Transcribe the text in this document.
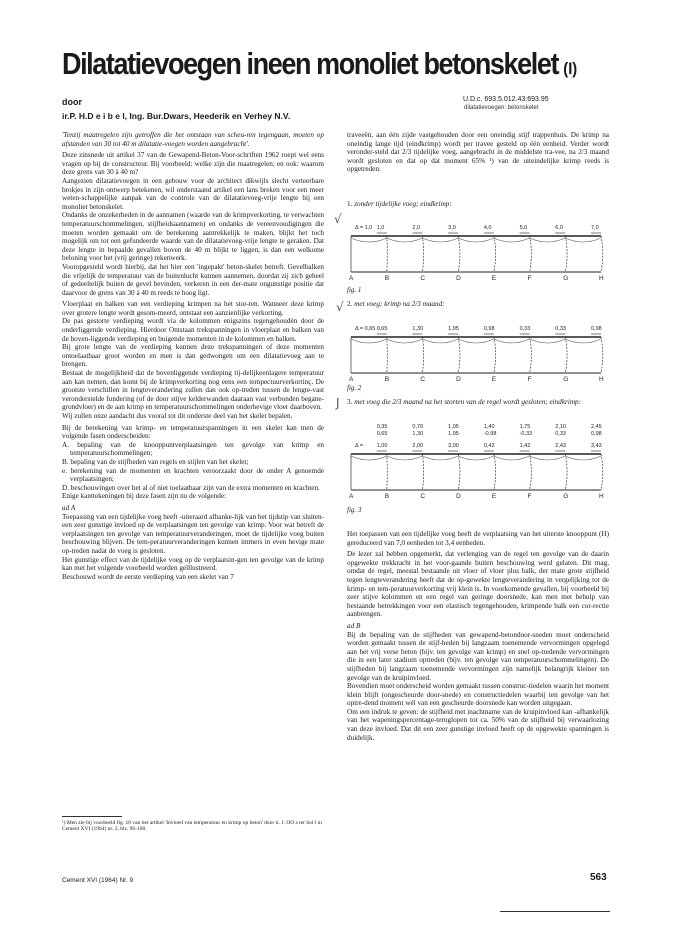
Dilatatievoegen ineen monoliet betonskelet (I)
door
ir.P. H.D e i b e l, Ing. Bur.Dwars, Heederik en Verhey N.V.
U.D.c. 693.5.012.43:693.95
dilatatievoegen: betonskelet

'Tenzij maatregelen zijn getroffen die het ontstaan van scheu-ren tegengaan, moeten op afstanden van 30 tot 40 m dilatatie-voegen worden aangebracht'.

Deze zinsnede uit artikel 37 van de Gewapend-Beton-Voor-schriften 1962 roept wel eens vragen op bij de constructeur. Bij voorbeeld: welke zijn die maatregelen; en ook: waarom deze grens van 30 à 40 m?

Aangezien dilatatievoegen in een gebouw voor de architect dikwijls slecht verteerbare brokjes in zijn ontwerp betekenen, wil onderstaand artikel een lans breken voor een meer weten-schappelijke aanpak van de controle van de dilatatievoeg-vrije lengte bij een monoliet betonskelet.

Ondanks de onzekerheden in de aannamen (waarde van de krimpverkorting, te verwachten temperatuurschommelingen, stijfheidsaannamen) en ondanks de vereenvoudigingen die moeten worden gemaakt om de berekening aantrekkelijk te maken, blijkt het toch mogelijk om tot een gefundeerde waarde van de dilatatievoeg-vrije lengte te geraken. Dat deze lengte in bepaalde gevallen boven de 40 m blijkt te liggen, is dan een welkome beloning voor het (vrij geringe) rekenwerk.

Vooropgesteld wordt hierbij, dat het hier een 'ingepakt' beton-skelet betreft. Gevelbalken die vrijelijk de temperatuur van de buitenlucht kunnen aannemen, doordat zij zich geheel of gedeeltelijk buiten de gevel bevinden, verkeren in een der-mate ongunstige positie dat daarvoor de grens van 30 à 40 m reeds te hoog ligt.

Vloerplaat en balken van een verdieping krimpen na het stor-ten. Wanneer deze krimp over grotere lengte wordt gesom-meerd, ontstaat een aanzienlijke verkorting.

De pas gestorte verdieping wordt via de kolommen enigszins tegengehoudén door de onderliggende verdieping. Hierdoor Ontstaan trekspanningen in vloerplaat en balken van de boven-liggende verdieping en buigende momenten in de kolommen en balken.

Bij grote lengte van de verdieping kunnen deze trekspanningen of deze momenten ontoelaatbaar groot worden en men is dan gedwongen om een dilatatievoeg aan te brengen.

Bestaat de mogelijkheid dat de bovenliggende verdieping tij-delijkeenlagere temperatuur aan kan nemen, dan komt bij de krimpverkorting nog eens een ternpectuurverkortinç. De grootste verschillen in lengteverandering zullen dan ook op-treden tussen de lengte-vast veronderstelde fundering (of de door stijve kelderwanden daaraan vast verbonden begane-grondvloer) en de aan krimp en temperatuurschommelingen onderhevige vloer daarboven.

Wij zullen onze aandacht dus vooral tot dit onderste deel van het skelet bepalen.

Bij de berekening van krimp- en temperatuurspanningen in een skelet kan men de volgende fasen onderscheiden:

A. bepaling van de knooppuntverplaatsingen ten gevolge van krimp en temperatuurschommelingen;

B. bepaling van de stijfheden van regels en stijlen van het skelet;

e. berekening van de momenten en krachten veroorzaakt door de onder A genoemde verplaatsingen;

D. beschouwingen over het al of niet toelaatbaar zijn van de extra momenten en krachten.

Enige kanttekeningen bij deze fasen zijn nu de volgende:

ad A

Toepassing van een tijdelijke voeg heeft -uiteraard afhanke-lijk van het tijdstip van sluiten-een zeer gunstige invloed op de verplaatsingen ten gevolge van krimp. Voor wat betreft de verplaatsingen ten gevolge van temperatuurveranderingen, moet de tijdelijke voeg buiten beschouwing blijven. De tem-peratuurveranderingen kunnen immers in even hevige mate op-treden nadat de voeg is gesloten.

Het gunstige effect van de tijdelijke voeg op de verplaatsin-gen ten gevolge van de krimp kan met het volgende voorbeeld worden geïllustreerd.

Beschouwd wordt de eerste verdieping van een skelet van 7

¹) Men zie bij voorbeeld fig. 10 van het artikel 'Invloed van temperatuur en krimp op beton' door ir. J. OO s ter hol l in Cement XVI (1964) nr. 2, blz. 96-100.
Cement XVI (1964) Nr. 9	563

traveeën, aan één zijde vastgehouden door een oneindig stijf trappenhuis. De krimp na oneindig lange tijd (eindkrimp) wordt per travee gesteld op één eenheid. Verder wordt veronder-steld dat 2/3 tijdelijke voeg, aangebracht in de middelste tra-vee, na 2/3 maand wordt gesloten en dat op dat moment 65% ¹) van de uiteindelijke krimp reeds is opgetreden:

√
√
J
1. zonder tijdelijke voeg; eindkrimp:
A	B	C	D	E	F	G	H
1,0	2,0	3,0	4,0	5,0	6,0	7,0
Δ = 1,0
fig. 1
2. met voeg; krimp na 2/3 maand:
A	B	C	D	E	F	G	H
0,65	1,30	1,95	0,98	0,33	0,33	0,98
Δ = 0,65
fig. 2
3. met voeg die 2/3 maand na het storten van de regel wordt gesloten; eindkrimp:
A	B	C	D	E	F	G	H
1,00	2,00	3,00	0,42	1,42	2,43	3,43
Δ =
0,35
0,65
0,70
1,30
1,05
1,95
1,40
-0,98
1,75
-0,33
2,10
0,33
2,45
0,98
fig. 3

Het toepassen van een tijdelijke voeg heeft de verplaatsing van het uiterste knooppunt (H) gereduceerd van 7,0 eenheden tot 3,4 eenheden.

De lezer zal hebben opgemerkt, dat verlenging van de regel ten gevolge van de daarin opgewekte trekkracht in het voor-gaande buiten beschouwing werd gelaten. Dit mag, omdat de regel, meestal bestaande uit vloer of vloer plus balk, der mate grote stijfheid tegen lengteverandering heeft dat de op-gewekte lengteverandering in vergelijking tot de krimp- en tem-peratuurverkorting vrij klein is. In voorkomende gevallen, bij voorbeeld bij zeer stijve kolommen en een regel van geringe doorsnede, kan men met behulp van bestaande betrekkingen voor een elastisch tegengehouden, krimpende balk een cor-rectie aanbrengen.

ad B

Bij de bepaling van de stijfheden van gewapend-betondoor-sneden moet onderscheid worden gemaakt tussen de stijf-heden bij langzaam toenemende vervormingen opgelegd aan het vrij verse beton (bijv. ten gevolge van krimp) en snel op-tredende vervormingen die in een later stadium optreden (bijv. ten gevolge van temperatuurschommelingen). De stijfheden bij langzaam toenemende vervormingen zijn namelijk belangrijk kleiner ten gevolge van de kruipinvloed.

Bovendien moet onderscheid worden gemaakt tussen construc-tiedelen waarin het moment klein blijft (ongescheurde door-snede) en constructiedelen waarbij ten gevolge van het optre-dend moment wél van een gescheurde doorsnede kan worden uitgegaan.

Om een indruk te geven: de stijfheid met inachtname van de kruipinvloed kan -afhankelijk van het wapeningspercentage-teruglopen tot ca. 50% van de stijfheid bij verwaarlozing van deze invloed. Dat dit een zeer gunstige invloed heeft op de opgewekte spanningen is duidelijk.
